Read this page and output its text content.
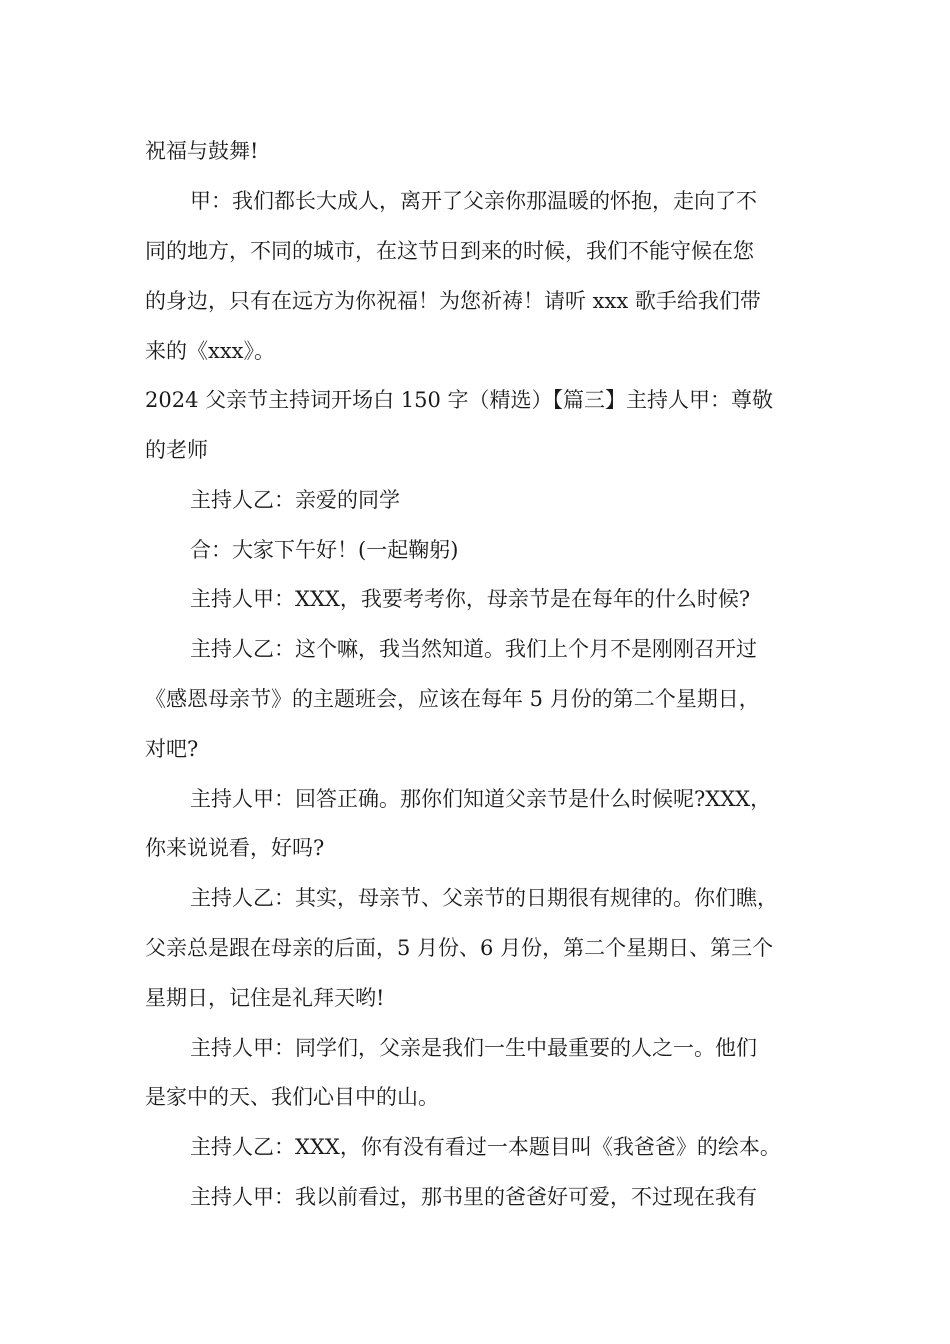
祝福与鼓舞!
甲：我们都长大成人，离开了父亲你那温暖的怀抱，走向了不
同的地方，不同的城市，在这节日到来的时候，我们不能守候在您
的身边，只有在远方为你祝福！为您祈祷！请听 xxx 歌手给我们带
来的《xxx》。
2024 父亲节主持词开场白 150 字（精选）【篇三】主持人甲：尊敬
的老师
主持人乙：亲爱的同学
合：大家下午好！(一起鞠躬)
主持人甲：XXX，我要考考你，母亲节是在每年的什么时候?
主持人乙：这个嘛，我当然知道。我们上个月不是刚刚召开过
《感恩母亲节》的主题班会，应该在每年 5 月份的第二个星期日，
对吧?
主持人甲：回答正确。那你们知道父亲节是什么时候呢?XXX，
你来说说看，好吗?
主持人乙：其实，母亲节、父亲节的日期很有规律的。你们瞧，
父亲总是跟在母亲的后面，5 月份、6 月份，第二个星期日、第三个
星期日，记住是礼拜天哟!
主持人甲：同学们，父亲是我们一生中最重要的人之一。他们
是家中的天、我们心目中的山。
主持人乙：XXX，你有没有看过一本题目叫《我爸爸》的绘本。
主持人甲：我以前看过，那书里的爸爸好可爱，不过现在我有
